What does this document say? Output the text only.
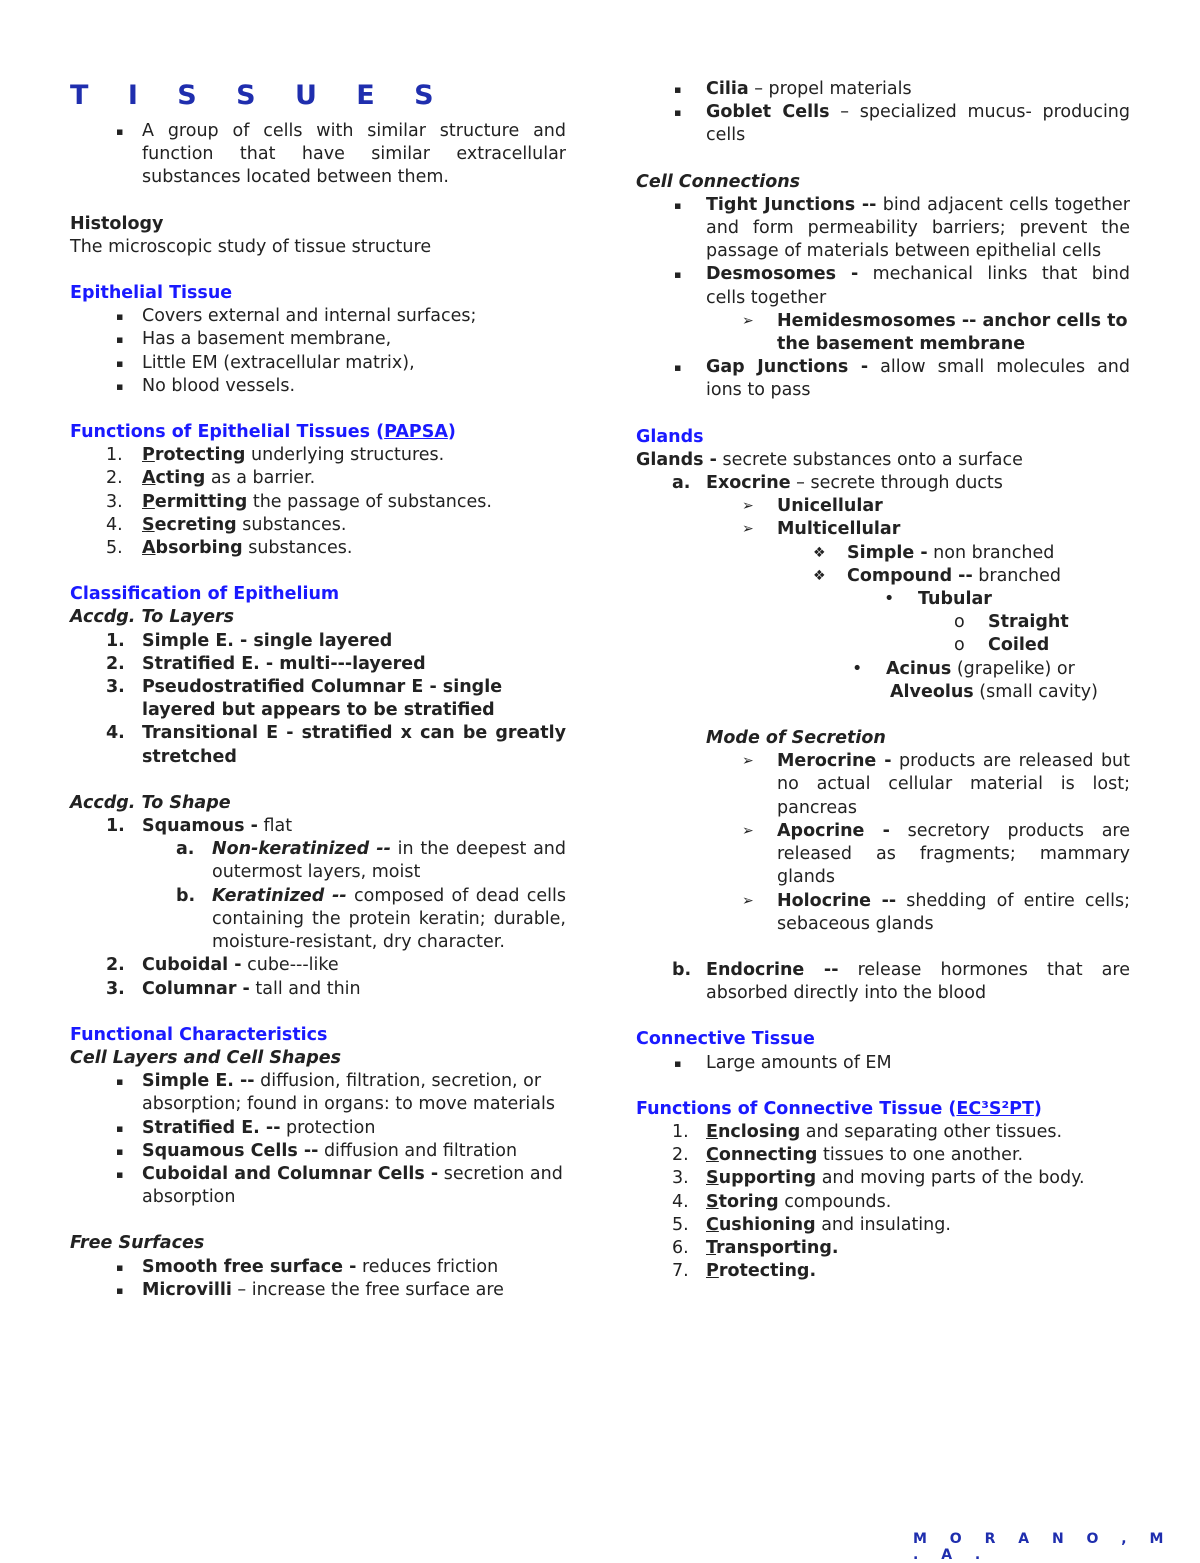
T I S S U E S
▪ A group of cells with similar structure and function that have similar extracellular substances located between them.
Histology
The microscopic study of tissue structure
Epithelial Tissue
▪ Covers external and internal surfaces;
▪ Has a basement membrane,
▪ Little EM (extracellular matrix),
▪ No blood vessels.
Functions of Epithelial Tissues (PAPSA)
1. Protecting underlying structures.
2. Acting as a barrier.
3. Permitting the passage of substances.
4. Secreting substances.
5. Absorbing substances.
Classification of Epithelium
Accdg. To Layers
1. Simple E. - single layered
2. Stratified E. - multi---layered
3. Pseudostratified Columnar E - single layered but appears to be stratified
4. Transitional E - stratified x can be greatly stretched
Accdg. To Shape
1. Squamous - flat
a. Non‐keratinized -- in the deepest and outermost layers, moist
b. Keratinized -- composed of dead cells containing the protein keratin; durable, moisture‐resistant, dry character.
2. Cuboidal - cube---like
3. Columnar - tall and thin
Functional Characteristics
Cell Layers and Cell Shapes
▪ Simple E. -- diffusion, filtration, secretion, or absorption; found in organs: to move materials
▪ Stratified E. -- protection
▪ Squamous Cells -- diffusion and filtration
▪ Cuboidal and Columnar Cells - secretion and absorption
Free Surfaces
▪ Smooth free surface - reduces friction
▪ Microvilli – increase the free surface are
▪ Cilia – propel materials
▪ Goblet Cells – specialized mucus‐ producing cells
Cell Connections
▪ Tight Junctions -- bind adjacent cells together and form permeability barriers; prevent the passage of materials between epithelial cells
▪ Desmosomes - mechanical links that bind cells together
➢ Hemidesmosomes -- anchor cells to the basement membrane
▪ Gap Junctions - allow small molecules and ions to pass
Glands
Glands - secrete substances onto a surface
a. Exocrine – secrete through ducts
➢ Unicellular
➢ Multicellular
❖ Simple - non branched
❖ Compound -- branched
• Tubular
o Straight
o Coiled
• Acinus (grapelike) or
Alveolus (small cavity)
Mode of Secretion
➢ Merocrine - products are released but no actual cellular material is lost; pancreas
➢ Apocrine - secretory products are released as fragments; mammary glands
➢ Holocrine -- shedding of entire cells; sebaceous glands
b. Endocrine -- release hormones that are absorbed directly into the blood
Connective Tissue
▪ Large amounts of EM
Functions of Connective Tissue (EC³S²PT)
1. Enclosing and separating other tissues.
2. Connecting tissues to one another.
3. Supporting and moving parts of the body.
4. Storing compounds.
5. Cushioning and insulating.
6. Transporting.
7. Protecting.
M O R A N O , M . A .
